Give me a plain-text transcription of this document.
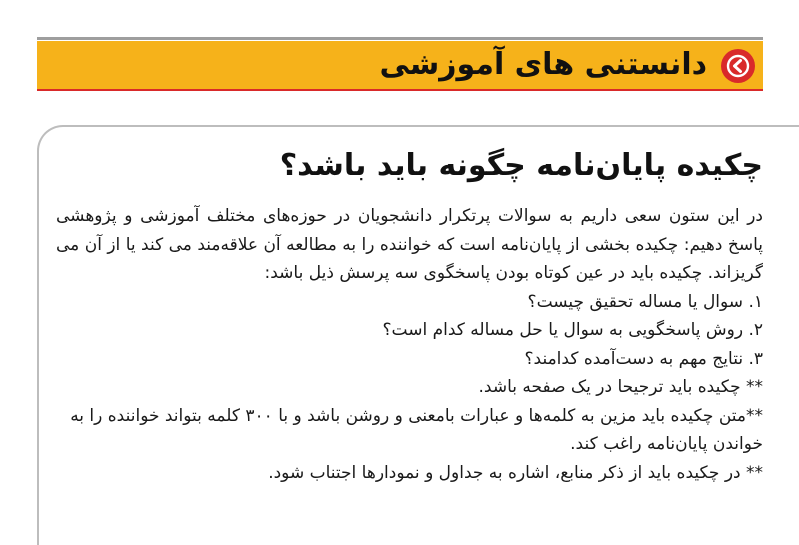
دانستنی های آموزشی
چکیده پایان‌نامه چگونه باید باشد؟
در این ستون سعی داریم به سوالات پرتکرار دانشجویان در حوزه‌های مختلف آموزشی و پژوهشی پاسخ دهیم: چکیده بخشی از پایان‌نامه است که خواننده را به مطالعه آن علاقه‌مند می کند یا از آن می گریزاند. چکیده باید در عین کوتاه بودن پاسخگوی سه پرسش ذیل باشد:
۱. سوال یا مساله تحقیق چیست؟
۲. روش پاسخگویی به سوال یا حل مساله کدام است؟
۳. نتایج مهم به دست‌آمده کدامند؟
** چکیده باید ترجیحا در یک صفحه باشد.
**متن چکیده باید مزین به کلمه‌ها و عبارات بامعنی و روشن باشد و با ۳۰۰ کلمه بتواند خواننده را به خواندن پایان‌نامه راغب کند.
** در چکیده باید از ذکر منابع، اشاره به جداول و نمودارها اجتناب شود.
